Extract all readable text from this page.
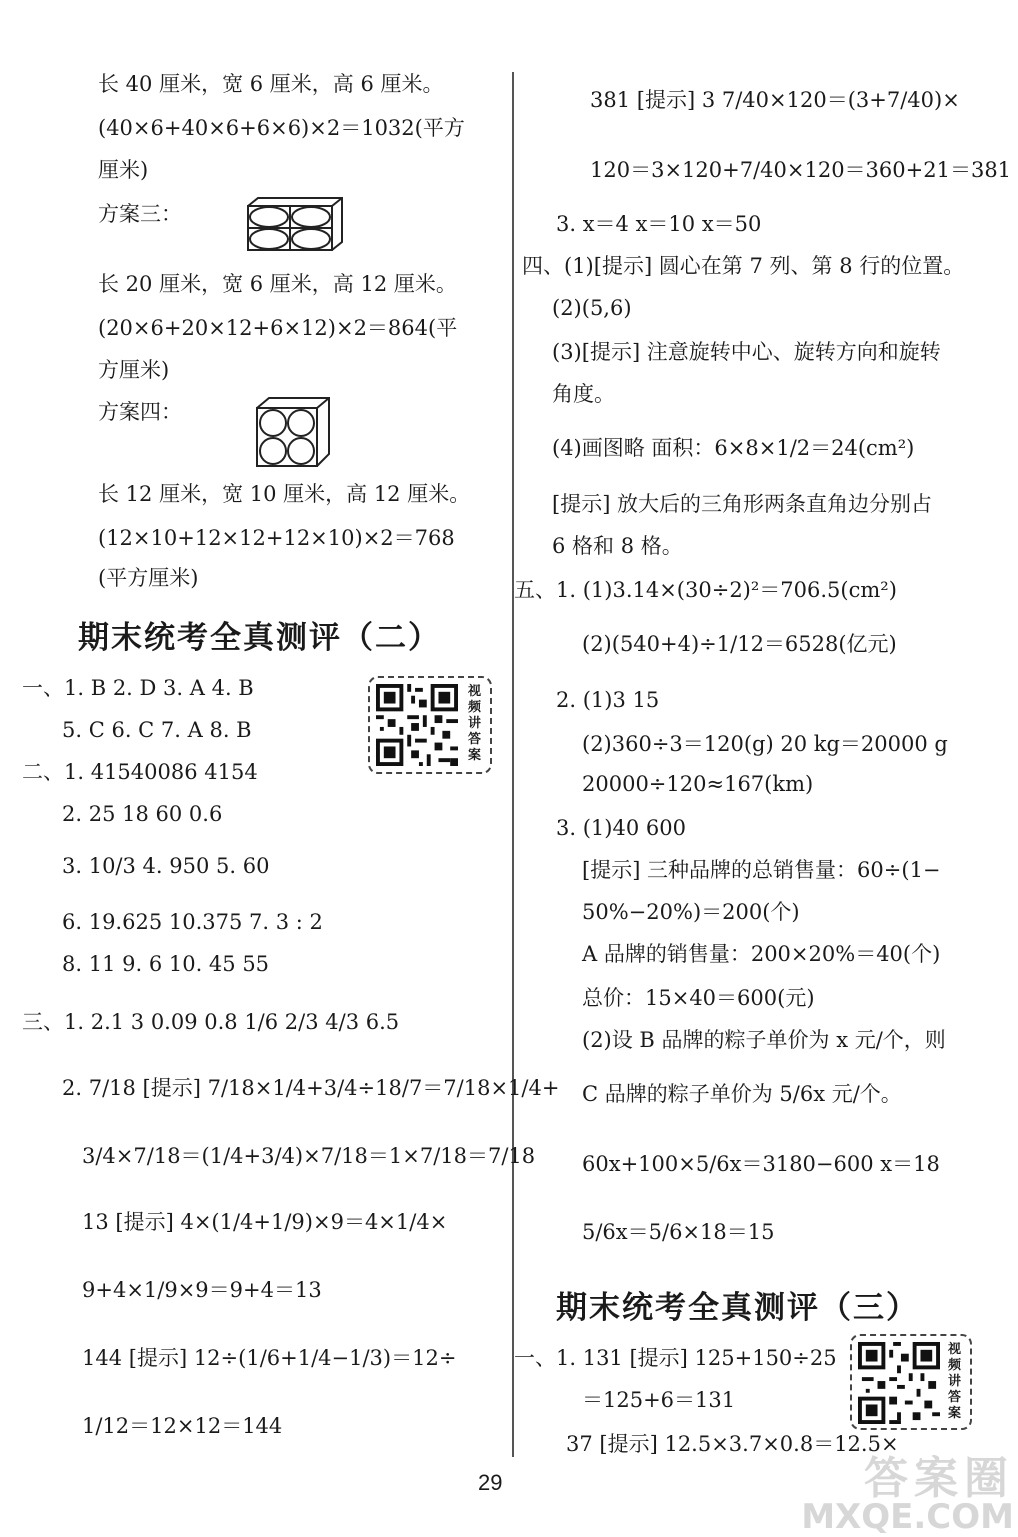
长 40 厘米，宽 6 厘米，高 6 厘米。
(40×6+40×6+6×6)×2＝1032(平方
厘米)
方案三：
长 20 厘米，宽 6 厘米，高 12 厘米。
(20×6+20×12+6×12)×2＝864(平
方厘米)
方案四：
长 12 厘米，宽 10 厘米，高 12 厘米。
(12×10+12×12+12×10)×2＝768
(平方厘米)
期末统考全真测评（二）
视频讲答案
一、1. B 2. D 3. A 4. B
5. C 6. C 7. A 8. B
二、1. 41540086 4154
2. 25 18 60 0.6
3. 10/3 4. 950 5. 60
6. 19.625 10.375 7. 3 : 2
8. 11 9. 6 10. 45 55
三、1. 2.1 3 0.09 0.8 1/6 2/3 4/3 6.5
2. 7/18 [提示] 7/18×1/4+3/4÷18/7＝7/18×1/4+
3/4×7/18＝(1/4+3/4)×7/18＝1×7/18＝7/18
13 [提示] 4×(1/4+1/9)×9＝4×1/4×
9+4×1/9×9＝9+4＝13
144 [提示] 12÷(1/6+1/4−1/3)＝12÷
1/12＝12×12＝144
381 [提示] 3 7/40×120＝(3+7/40)×
120＝3×120+7/40×120＝360+21＝381
3. x＝4 x＝10 x＝50
四、(1)[提示] 圆心在第 7 列、第 8 行的位置。
(2)(5,6)
(3)[提示] 注意旋转中心、旋转方向和旋转
角度。
(4)画图略 面积：6×8×1/2＝24(cm²)
[提示] 放大后的三角形两条直角边分别占
6 格和 8 格。
五、1. (1)3.14×(30÷2)²＝706.5(cm²)
(2)(540+4)÷1/12＝6528(亿元)
2. (1)3 15
(2)360÷3＝120(g) 20 kg＝20000 g
20000÷120≈167(km)
3. (1)40 600
[提示] 三种品牌的总销售量：60÷(1−
50%−20%)＝200(个)
A 品牌的销售量：200×20%＝40(个)
总价：15×40＝600(元)
(2)设 B 品牌的粽子单价为 x 元/个，则
C 品牌的粽子单价为 5/6x 元/个。
60x+100×5/6x＝3180−600 x＝18
5/6x＝5/6×18＝15
期末统考全真测评（三）
视频讲答案
一、1. 131 [提示] 125+150÷25
＝125+6＝131
37 [提示] 12.5×3.7×0.8＝12.5×
29	答案圈
MXQE.COM
